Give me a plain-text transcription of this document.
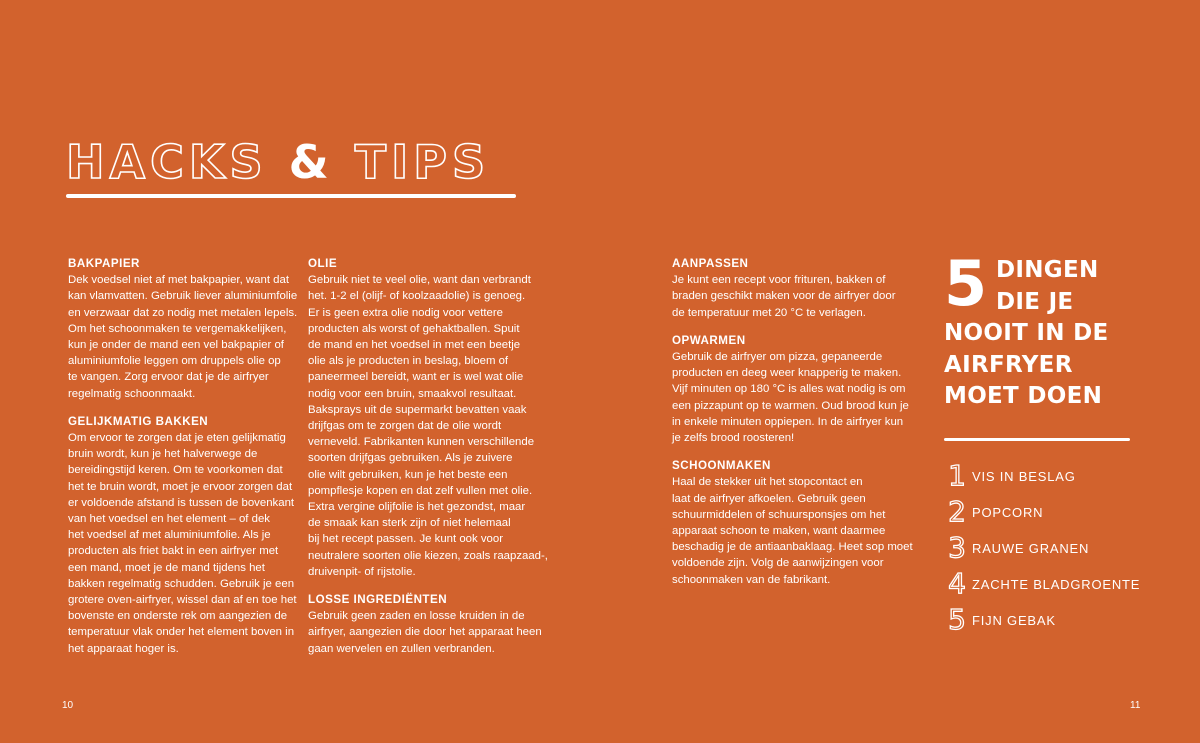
HACKS & TIPS
BAKPAPIER

Dek voedsel niet af met bakpapier, want dat
kan vlamvatten. Gebruik liever aluminiumfolie
en verzwaar dat zo nodig met metalen lepels.
Om het schoonmaken te vergemakkelijken,
kun je onder de mand een vel bakpapier of
aluminiumfolie leggen om druppels olie op
te vangen. Zorg ervoor dat je de airfryer
regelmatig schoonmaakt.

GELIJKMATIG BAKKEN

Om ervoor te zorgen dat je eten gelijkmatig
bruin wordt, kun je het halverwege de
bereidingstijd keren. Om te voorkomen dat
het te bruin wordt, moet je ervoor zorgen dat
er voldoende afstand is tussen de bovenkant
van het voedsel en het element – of dek
het voedsel af met aluminiumfolie. Als je
producten als friet bakt in een airfryer met
een mand, moet je de mand tijdens het
bakken regelmatig schudden. Gebruik je een
grotere oven-airfryer, wissel dan af en toe het
bovenste en onderste rek om aangezien de
temperatuur vlak onder het element boven in
het apparaat hoger is.

OLIE

Gebruik niet te veel olie, want dan verbrandt
het. 1-2 el (olijf- of koolzaadolie) is genoeg.
Er is geen extra olie nodig voor vettere
producten als worst of gehaktballen. Spuit
de mand en het voedsel in met een beetje
olie als je producten in beslag, bloem of
paneermeel bereidt, want er is wel wat olie
nodig voor een bruin, smaakvol resultaat.
Baksprays uit de supermarkt bevatten vaak
drijfgas om te zorgen dat de olie wordt
verneveld. Fabrikanten kunnen verschillende
soorten drijfgas gebruiken. Als je zuivere
olie wilt gebruiken, kun je het beste een
pompflesje kopen en dat zelf vullen met olie.
Extra vergine olijfolie is het gezondst, maar
de smaak kan sterk zijn of niet helemaal
bij het recept passen. Je kunt ook voor
neutralere soorten olie kiezen, zoals raapzaad-,
druivenpit- of rijstolie.

LOSSE INGREDIËNTEN

Gebruik geen zaden en losse kruiden in de
airfryer, aangezien die door het apparaat heen
gaan wervelen en zullen verbranden.

AANPASSEN

Je kunt een recept voor frituren, bakken of
braden geschikt maken voor de airfryer door
de temperatuur met 20 °C te verlagen.

OPWARMEN

Gebruik de airfryer om pizza, gepaneerde
producten en deeg weer knapperig te maken.
Vijf minuten op 180 °C is alles wat nodig is om
een pizzapunt op te warmen. Oud brood kun je
in enkele minuten oppiepen. In de airfryer kun
je zelfs brood roosteren!

SCHOONMAKEN

Haal de stekker uit het stopcontact en
laat de airfryer afkoelen. Gebruik geen
schuurmiddelen of schuursponsjes om het
apparaat schoon te maken, want daarmee
beschadig je de antiaanbaklaag. Heet sop moet
voldoende zijn. Volg de aanwijzingen voor
schoonmaken van de fabrikant.

5 DINGEN
DIE JE
NOOIT IN DE
AIRFRYER
MOET DOEN
1 VIS IN BESLAG
2 POPCORN
3 RAUWE GRANEN
4 ZACHTE BLADGROENTE
5 FIJN GEBAK
10	11
